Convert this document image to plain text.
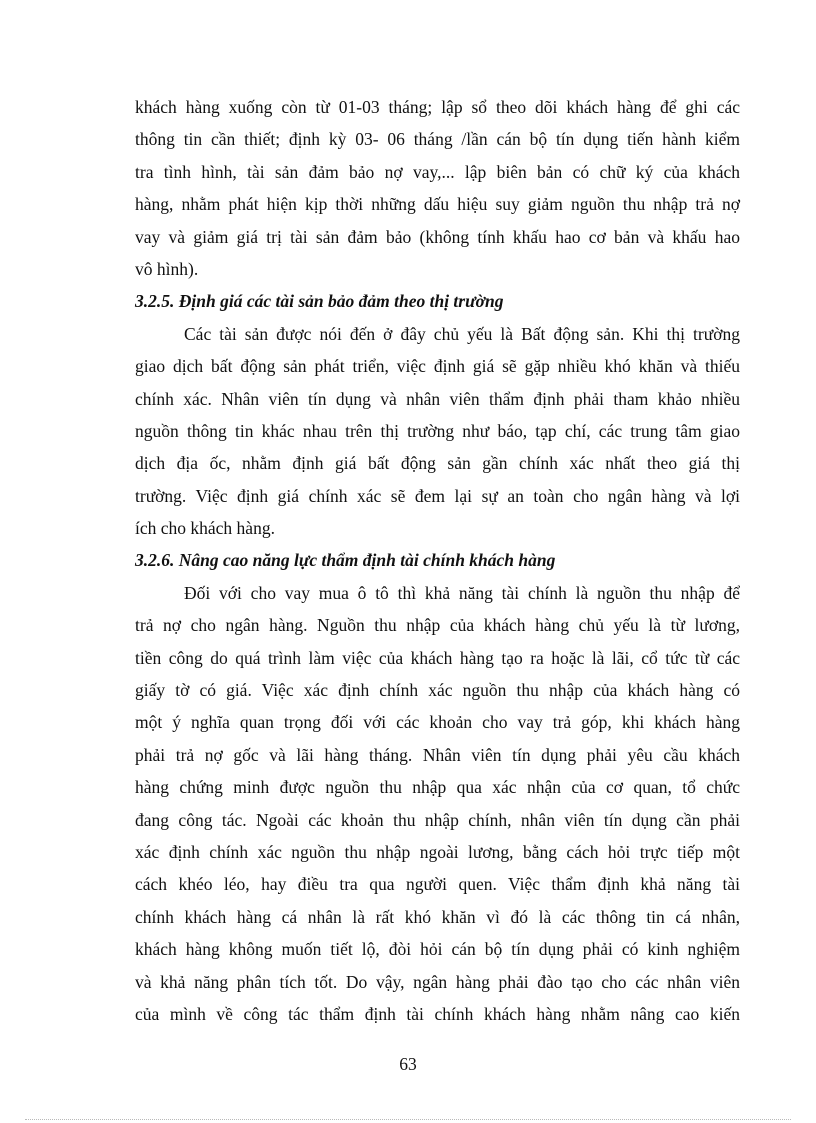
khách hàng xuống còn từ 01-03 tháng; lập sổ theo dõi khách hàng để ghi các
thông tin cần thiết; định kỳ 03- 06 tháng /lần cán bộ tín dụng tiến hành kiểm
tra tình hình, tài sản đảm bảo nợ vay,... lập biên bản có chữ ký của khách
hàng, nhằm phát hiện kịp thời những dấu hiệu suy giảm nguồn thu nhập trả nợ
vay và giảm giá trị tài sản đảm bảo (không tính khấu hao cơ bản và khấu hao
vô hình).
3.2.5. Định giá các tài sản bảo đảm theo thị trường
Các tài sản được nói đến ở đây chủ yếu là Bất động sản. Khi thị trường
giao dịch bất động sản phát triển, việc định giá sẽ gặp nhiều khó khăn và thiếu
chính xác. Nhân viên tín dụng và nhân viên thẩm định phải tham khảo nhiều
nguồn thông tin khác nhau trên thị trường như báo, tạp chí, các trung tâm giao
dịch địa ốc, nhằm định giá bất động sản gần chính xác nhất theo giá thị
trường. Việc định giá chính xác sẽ đem lại sự an toàn cho ngân hàng và lợi
ích cho khách hàng.
3.2.6. Nâng cao năng lực thẩm định tài chính khách hàng
Đối với cho vay mua ô tô thì khả năng tài chính là nguồn thu nhập để
trả nợ cho ngân hàng. Nguồn thu nhập của khách hàng chủ yếu là từ lương,
tiền công do quá trình làm việc của khách hàng tạo ra hoặc là lãi, cổ tức từ các
giấy tờ có giá. Việc xác định chính xác nguồn thu nhập của khách hàng có
một ý nghĩa quan trọng đối với các khoản cho vay trả góp, khi khách hàng
phải trả nợ gốc và lãi hàng tháng. Nhân viên tín dụng phải yêu cầu khách
hàng chứng minh được nguồn thu nhập qua xác nhận của cơ quan, tổ chức
đang công tác. Ngoài các khoản thu nhập chính, nhân viên tín dụng cần phải
xác định chính xác nguồn thu nhập ngoài lương, bằng cách hỏi trực tiếp một
cách khéo léo, hay điều tra qua người quen. Việc thẩm định khả năng tài
chính khách hàng cá nhân là rất khó khăn vì đó là các thông tin cá nhân,
khách hàng không muốn tiết lộ, đòi hỏi cán bộ tín dụng phải có kinh nghiệm
và khả năng phân tích tốt. Do vậy, ngân hàng phải đào tạo cho các nhân viên
của mình về công tác thẩm định tài chính khách hàng nhằm nâng cao kiến
63
